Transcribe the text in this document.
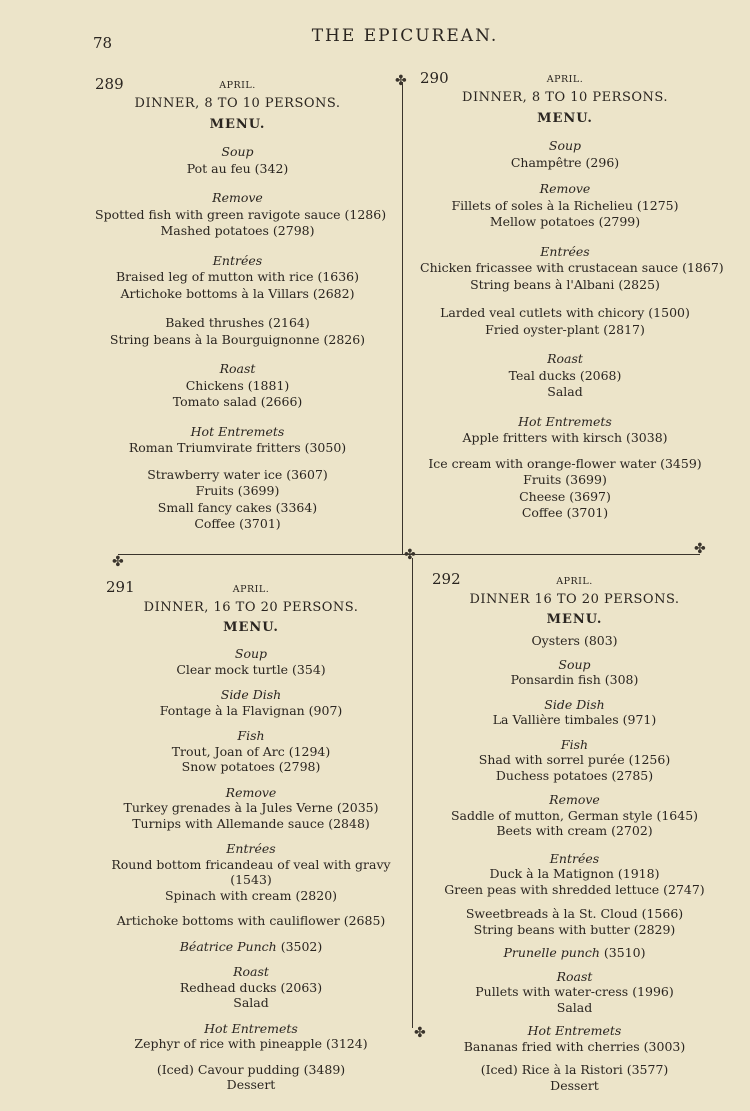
78	THE EPICUREAN.
✤
✤	✤	✤
✤
289	APRIL.
DINNER, 8 TO 10 PERSONS.
MENU.
Soup
Pot au feu (342)
Remove
Spotted fish with green ravigote sauce (1286)
Mashed potatoes (2798)
Entrées
Braised leg of mutton with rice (1636)
Artichoke bottoms à la Villars (2682)
Baked thrushes (2164)
String beans à la Bourguignonne (2826)
Roast
Chickens (1881)
Tomato salad (2666)
Hot Entremets
Roman Triumvirate fritters (3050)
Strawberry water ice (3607)
Fruits (3699)
Small fancy cakes (3364)
Coffee (3701)
290	APRIL.
DINNER, 8 TO 10 PERSONS.
MENU.
Soup
Champêtre (296)
Remove
Fillets of soles à la Richelieu (1275)
Mellow potatoes (2799)
Entrées
Chicken fricassee with crustacean sauce (1867)
String beans à l'Albani (2825)
Larded veal cutlets with chicory (1500)
Fried oyster-plant (2817)
Roast
Teal ducks (2068)
Salad
Hot Entremets
Apple fritters with kirsch (3038)
Ice cream with orange-flower water (3459)
Fruits (3699)
Cheese (3697)
Coffee (3701)
291	APRIL.
DINNER, 16 TO 20 PERSONS.
MENU.
Soup
Clear mock turtle (354)
Side Dish
Fontage à la Flavignan (907)
Fish
Trout, Joan of Arc (1294)
Snow potatoes (2798)
Remove
Turkey grenades à la Jules Verne (2035)
Turnips with Allemande sauce (2848)
Entrées
Round bottom fricandeau of veal with gravy (1543)
Spinach with cream (2820)
Artichoke bottoms with cauliflower (2685)
Béatrice Punch (3502)
Roast
Redhead ducks (2063)
Salad
Hot Entremets
Zephyr of rice with pineapple (3124)
(Iced) Cavour pudding (3489)
Dessert
292	APRIL.
DINNER 16 TO 20 PERSONS.
MENU.
Oysters (803)
Soup
Ponsardin fish (308)
Side Dish
La Vallière timbales (971)
Fish
Shad with sorrel purée (1256)
Duchess potatoes (2785)
Remove
Saddle of mutton, German style (1645)
Beets with cream (2702)
Entrées
Duck à la Matignon (1918)
Green peas with shredded lettuce (2747)
Sweetbreads à la St. Cloud (1566)
String beans with butter (2829)
Prunelle punch (3510)
Roast
Pullets with water-cress (1996)
Salad
Hot Entremets
Bananas fried with cherries (3003)
(Iced) Rice à la Ristori (3577)
Dessert
